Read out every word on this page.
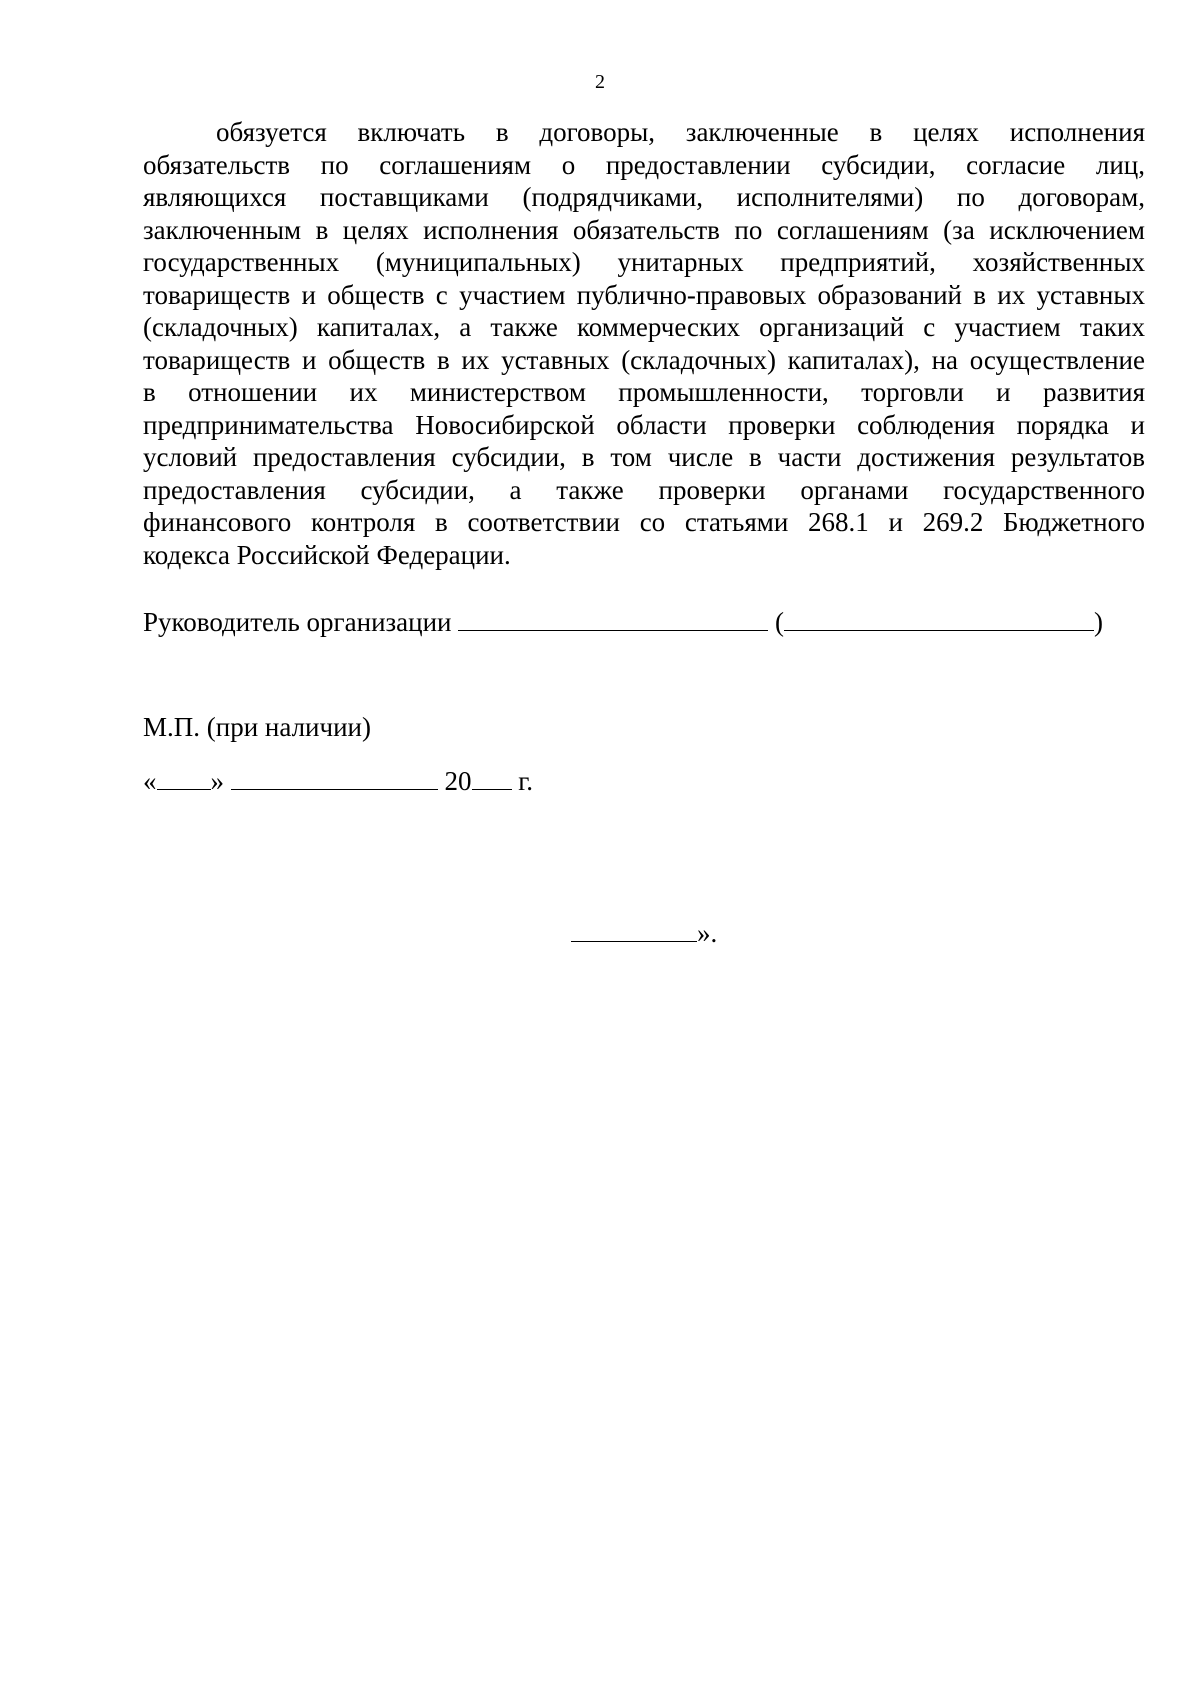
2
обязуется включать в договоры, заключенные в целях исполнения
обязательств по соглашениям о предоставлении субсидии, согласие лиц,
являющихся поставщиками (подрядчиками, исполнителями) по договорам,
заключенным в целях исполнения обязательств по соглашениям (за исключением
государственных (муниципальных) унитарных предприятий, хозяйственных
товариществ и обществ с участием публично-правовых образований в их уставных
(складочных) капиталах, а также коммерческих организаций с участием таких
товариществ и обществ в их уставных (складочных) капиталах), на осуществление
в отношении их министерством промышленности, торговли и развития
предпринимательства Новосибирской области проверки соблюдения порядка и
условий предоставления субсидии, в том числе в части достижения результатов
предоставления субсидии, а также проверки органами государственного
финансового контроля в соответствии со статьями 268.1 и 269.2 Бюджетного
кодекса Российской Федерации.
Руководитель организации	(	)
М.П. (при наличии)
« »	20 г.
».
